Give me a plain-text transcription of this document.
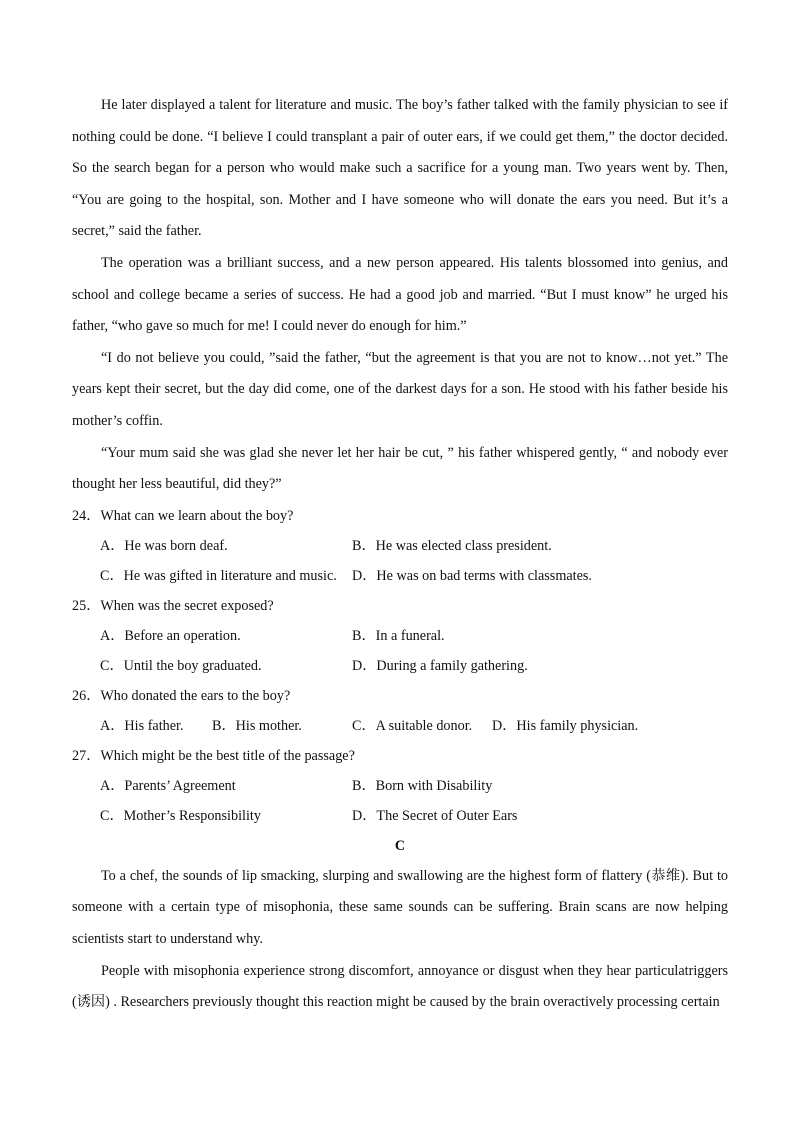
He later displayed a talent for literature and music. The boy’s father talked with the family physician to see if nothing could be done. “I believe I could transplant a pair of outer ears, if we could get them,” the doctor decided. So the search began for a person who would make such a sacrifice for a young man. Two years went by. Then, “You are going to the hospital, son. Mother and I have someone who will donate the ears you need. But it’s a secret,” said the father.

The operation was a brilliant success, and a new person appeared. His talents blossomed into genius, and school and college became a series of success. He had a good job and married. “But I must know” he urged his father, “who gave so much for me! I could never do enough for him.”

“I do not believe you could, ”said the father, “but the agreement is that you are not to know…not yet.” The years kept their secret, but the day did come, one of the darkest days for a son. He stood with his father beside his mother’s coffin.

“Your mum said she was glad she never let her hair be cut, ” his father whispered gently, “ and nobody ever thought her less beautiful, did they?”

24．What can we learn about the boy?

A．He was born deaf.	B．He was elected class president.
C．He was gifted in literature and music.	D．He was on bad terms with classmates.

25．When was the secret exposed?

A．Before an operation.	B．In a funeral.
C．Until the boy graduated.	D．During a family gathering.

26．Who donated the ears to the boy?

A．His father.	B．His mother.	C．A suitable donor.	D．His family physician.

27．Which might be the best title of the passage?

A．Parents’ Agreement	B．Born with Disability
C．Mother’s Responsibility	D．The Secret of Outer Ears

C

To a chef, the sounds of lip smacking, slurping and swallowing are the highest form of flattery (恭维). But to someone with a certain type of misophonia, these same sounds can be suffering. Brain scans are now helping scientists start to understand why.

People with misophonia experience strong discomfort, annoyance or disgust when they hear particulatriggers (诱因) . Researchers previously thought this reaction might be caused by the brain overactively processing certain
